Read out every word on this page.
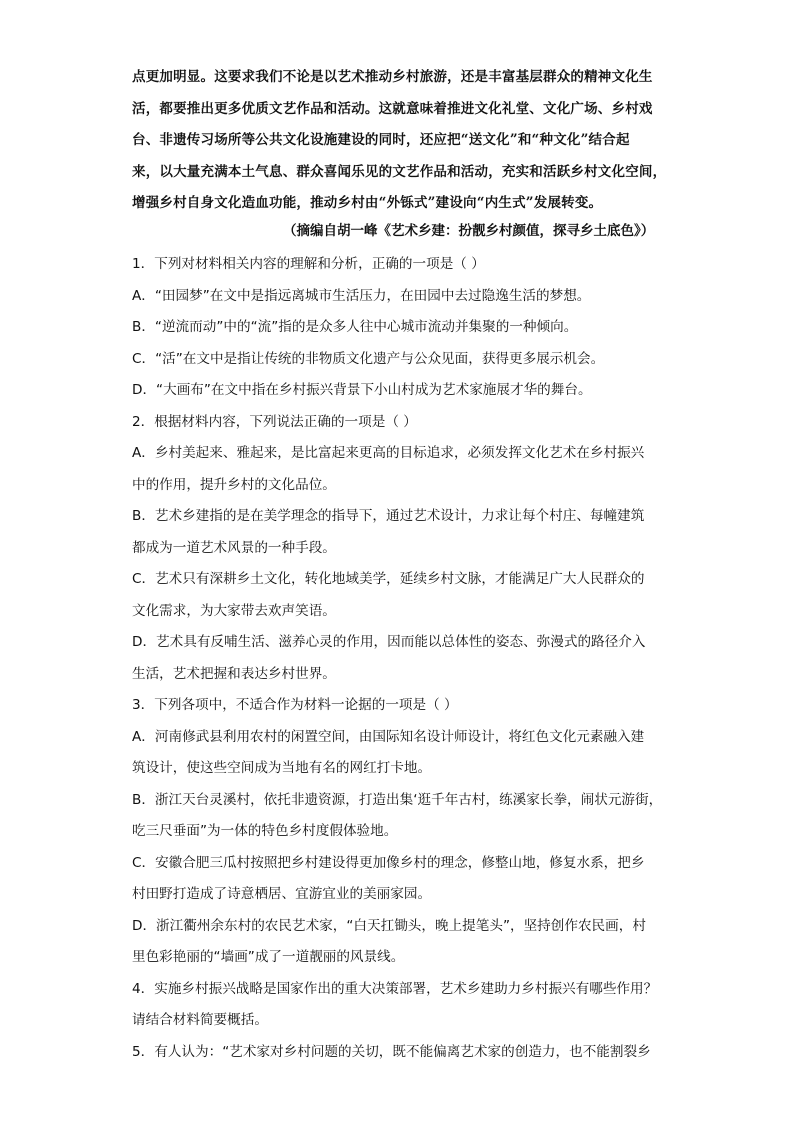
点更加明显。这要求我们不论是以艺术推动乡村旅游，还是丰富基层群众的精神文化生

活，都要推出更多优质文艺作品和活动。这就意味着推进文化礼堂、文化广场、乡村戏

台、非遗传习场所等公共文化设施建设的同时，还应把“送文化”和“种文化”结合起

来，以大量充满本土气息、群众喜闻乐见的文艺作品和活动，充实和活跃乡村文化空间，

增强乡村自身文化造血功能，推动乡村由“外铄式”建设向“内生式”发展转变。

（摘编自胡一峰《艺术乡建：扮靓乡村颜值，探寻乡土底色》）
1．下列对材料相关内容的理解和分析，正确的一项是（ ）
A．“田园梦”在文中是指远离城市生活压力，在田园中去过隐逸生活的梦想。
B．“逆流而动”中的“流”指的是众多人往中心城市流动并集聚的一种倾向。
C．“活”在文中是指让传统的非物质文化遗产与公众见面，获得更多展示机会。
D．“大画布”在文中指在乡村振兴背景下小山村成为艺术家施展才华的舞台。
2．根据材料内容，下列说法正确的一项是（ ）
A．乡村美起来、雅起来，是比富起来更高的目标追求，必须发挥文化艺术在乡村振兴
中的作用，提升乡村的文化品位。
B．艺术乡建指的是在美学理念的指导下，通过艺术设计，力求让每个村庄、每幢建筑
都成为一道艺术风景的一种手段。
C．艺术只有深耕乡土文化，转化地域美学，延续乡村文脉，才能满足广大人民群众的
文化需求，为大家带去欢声笑语。
D．艺术具有反哺生活、滋养心灵的作用，因而能以总体性的姿态、弥漫式的路径介入
生活，艺术把握和表达乡村世界。
3．下列各项中，不适合作为材料一论据的一项是（ ）
A．河南修武县利用农村的闲置空间，由国际知名设计师设计，将红色文化元素融入建
筑设计，使这些空间成为当地有名的网红打卡地。
B．浙江天台灵溪村，依托非遗资源，打造出集‘逛千年古村，练溪家长拳，闹状元游街，
吃三尺垂面”为一体的特色乡村度假体验地。
C．安徽合肥三瓜村按照把乡村建设得更加像乡村的理念，修整山地，修复水系，把乡
村田野打造成了诗意栖居、宜游宜业的美丽家园。
D．浙江衢州余东村的农民艺术家，“白天扛锄头，晚上提笔头”，坚持创作农民画，村
里色彩艳丽的“墙画”成了一道靓丽的风景线。
4．实施乡村振兴战略是国家作出的重大决策部署，艺术乡建助力乡村振兴有哪些作用？
请结合材料简要概括。
5．有人认为：“艺术家对乡村问题的关切，既不能偏离艺术家的创造力，也不能割裂乡
